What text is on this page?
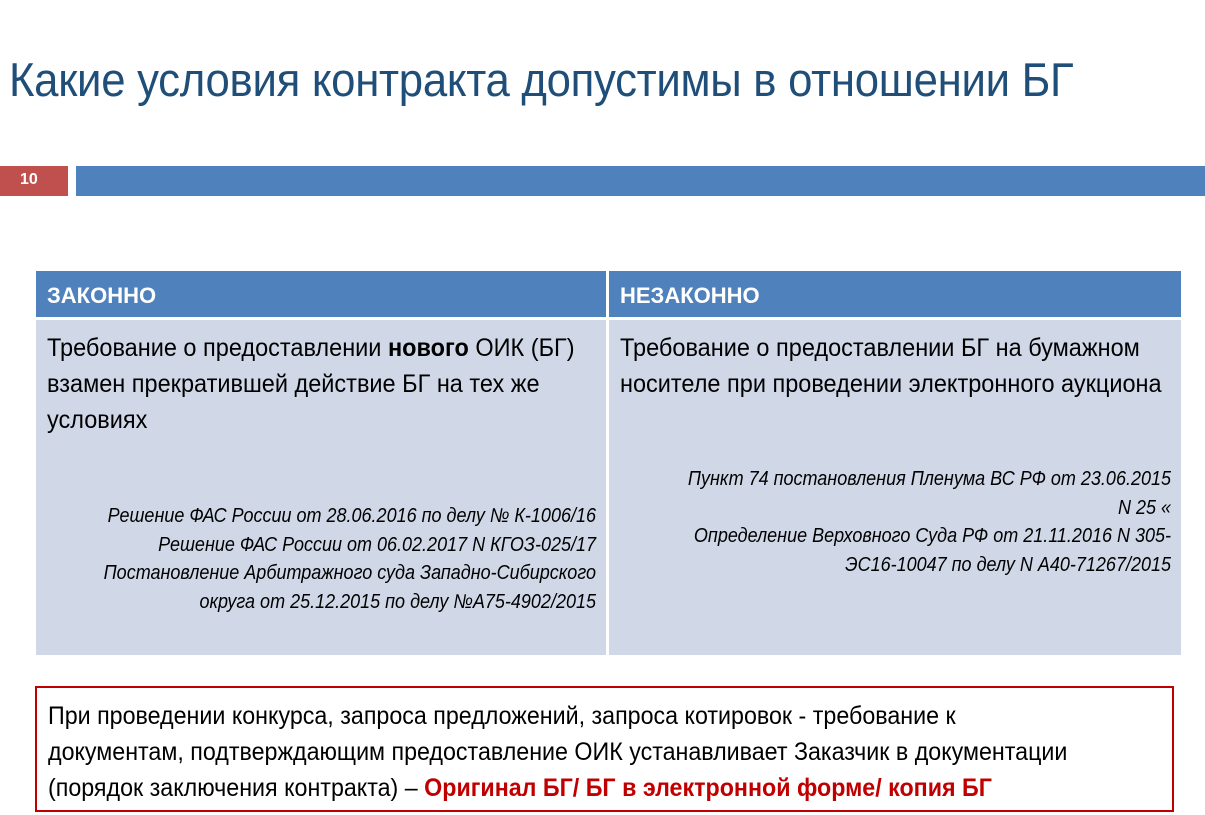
Какие условия контракта допустимы в отношении БГ
10
ЗАКОННО	НЕЗАКОННО
Требование о предоставлении нового ОИК (БГ) взамен прекратившей действие БГ на тех же условиях
Решение ФАС России от 28.06.2016 по делу № К-1006/16
Решение ФАС России от 06.02.2017 N КГОЗ-025/17
Постановление Арбитражного суда Западно-Сибирского
округа от 25.12.2015 по делу №А75-4902/2015
Требование о предоставлении БГ на бумажном носителе при проведении электронного аукциона
Пункт 74 постановления Пленума ВС РФ от 23.06.2015
N 25 «
Определение Верховного Суда РФ от 21.11.2016 N 305-
ЭС16-10047 по делу N А40-71267/2015
При проведении конкурса, запроса предложений, запроса котировок - требование к
документам, подтверждающим предоставление ОИК устанавливает Заказчик в документации
(порядок заключения контракта) – Оригинал БГ/ БГ в электронной форме/ копия БГ
